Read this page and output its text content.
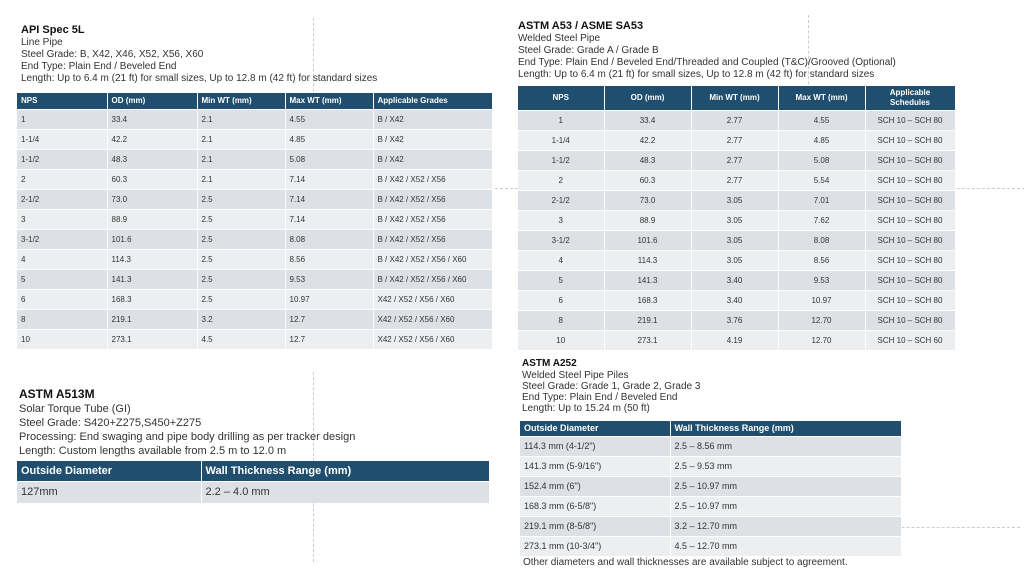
API Spec 5L
Line Pipe
Steel Grade: B, X42, X46, X52, X56, X60
End Type: Plain End / Beveled End
Length: Up to 6.4 m (21 ft) for small sizes, Up to 12.8 m (42 ft) for standard sizes
NPS	OD (mm)	Min WT (mm)	Max WT (mm)	Applicable Grades
1	33.4	2.1	4.55	B / X42
1-1/4	42.2	2.1	4.85	B / X42
1-1/2	48.3	2.1	5.08	B / X42
2	60.3	2.1	7.14	B / X42 / X52 / X56
2-1/2	73.0	2.5	7.14	B / X42 / X52 / X56
3	88.9	2.5	7.14	B / X42 / X52 / X56
3-1/2	101.6	2.5	8.08	B / X42 / X52 / X56
4	114.3	2.5	8.56	B / X42 / X52 / X56 / X60
5	141.3	2.5	9.53	B / X42 / X52 / X56 / X60
6	168.3	2.5	10.97	X42 / X52 / X56 / X60
8	219.1	3.2	12.7	X42 / X52 / X56 / X60
10	273.1	4.5	12.7	X42 / X52 / X56 / X60
ASTM A53 / ASME SA53
Welded Steel Pipe
Steel Grade: Grade A / Grade B
End Type: Plain End / Beveled End/Threaded and Coupled (T&C)/Grooved (Optional)
Length: Up to 6.4 m (21 ft) for small sizes, Up to 12.8 m (42 ft) for standard sizes
NPS	OD (mm)	Min WT (mm)	Max WT (mm)	Applicable Schedules
1	33.4	2.77	4.55	SCH 10 – SCH 80
1-1/4	42.2	2.77	4.85	SCH 10 – SCH 80
1-1/2	48.3	2.77	5.08	SCH 10 – SCH 80
2	60.3	2.77	5.54	SCH 10 – SCH 80
2-1/2	73.0	3.05	7.01	SCH 10 – SCH 80
3	88.9	3.05	7.62	SCH 10 – SCH 80
3-1/2	101.6	3.05	8.08	SCH 10 – SCH 80
4	114.3	3.05	8.56	SCH 10 – SCH 80
5	141.3	3.40	9.53	SCH 10 – SCH 80
6	168.3	3.40	10.97	SCH 10 – SCH 80
8	219.1	3.76	12.70	SCH 10 – SCH 80
10	273.1	4.19	12.70	SCH 10 – SCH 60
ASTM A513M
Solar Torque Tube (GI)
Steel Grade: S420+Z275,S450+Z275
Processing: End swaging and pipe body drilling as per tracker design
Length: Custom lengths available from 2.5 m to 12.0 m
Outside Diameter	Wall Thickness Range (mm)
127mm	2.2 – 4.0 mm
ASTM A252
Welded Steel Pipe Piles
Steel Grade: Grade 1, Grade 2, Grade 3
End Type: Plain End / Beveled End
Length: Up to 15.24 m (50 ft)
Outside Diameter	Wall Thickness Range (mm)
114.3 mm (4-1/2")	2.5 – 8.56 mm
141.3 mm (5-9/16")	2.5 – 9.53 mm
152.4 mm (6")	2.5 – 10.97 mm
168.3 mm (6-5/8")	2.5 – 10.97 mm
219.1 mm (8-5/8")	3.2 – 12.70 mm
273.1 mm (10-3/4")	4.5 – 12.70 mm
Other diameters and wall thicknesses are available subject to agreement.
